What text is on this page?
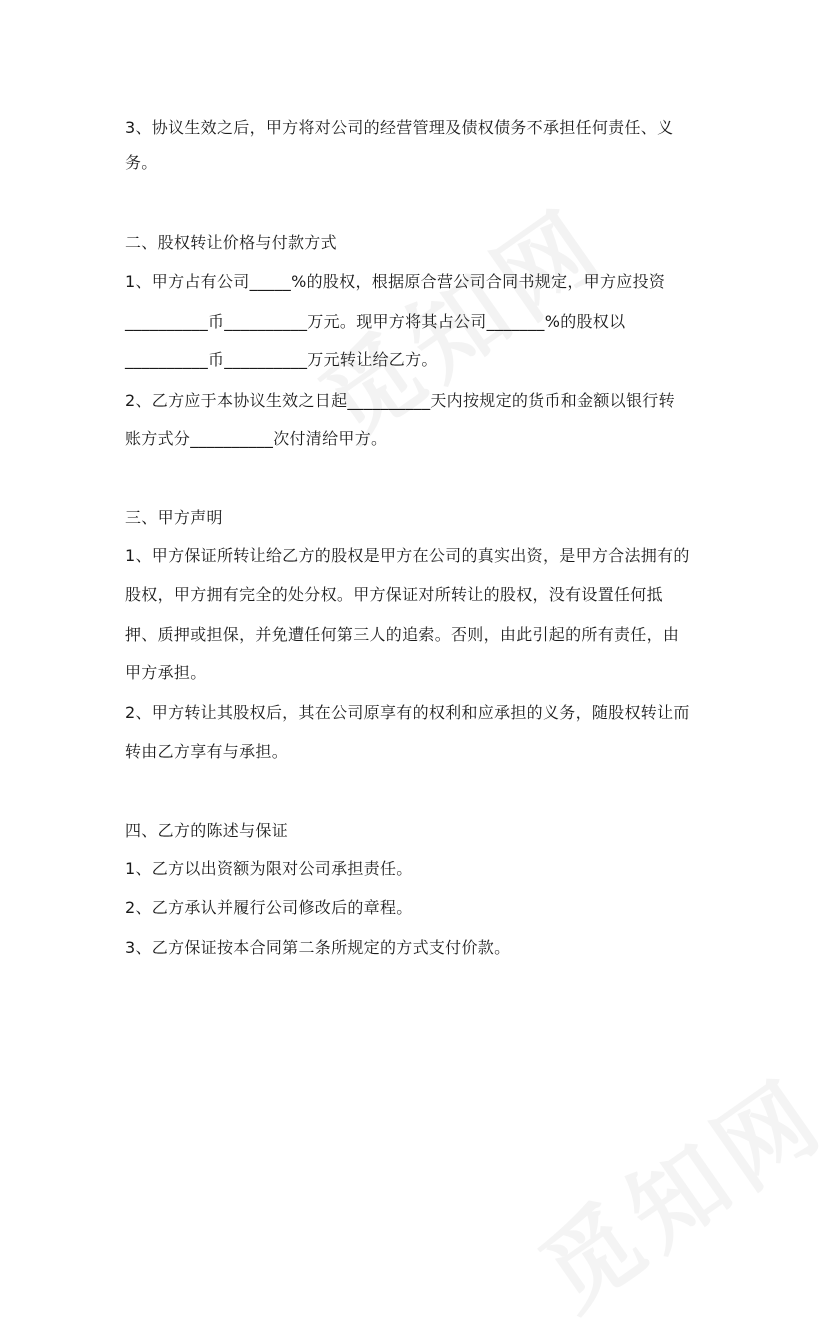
3、协议生效之后，甲方将对公司的经营管理及债权债务不承担任何责任、义
务。
二、股权转让价格与付款方式
1、甲方占有公司_____%的股权，根据原合营公司合同书规定，甲方应投资
__________币__________万元。现甲方将其占公司_______%的股权以
__________币__________万元转让给乙方。
2、乙方应于本协议生效之日起__________天内按规定的货币和金额以银行转
账方式分__________次付清给甲方。
三、甲方声明
1、甲方保证所转让给乙方的股权是甲方在公司的真实出资，是甲方合法拥有的
股权，甲方拥有完全的处分权。甲方保证对所转让的股权，没有设置任何抵
押、质押或担保，并免遭任何第三人的追索。否则，由此引起的所有责任，由
甲方承担。
2、甲方转让其股权后，其在公司原享有的权利和应承担的义务，随股权转让而
转由乙方享有与承担。
四、乙方的陈述与保证
1、乙方以出资额为限对公司承担责任。
2、乙方承认并履行公司修改后的章程。
3、乙方保证按本合同第二条所规定的方式支付价款。
